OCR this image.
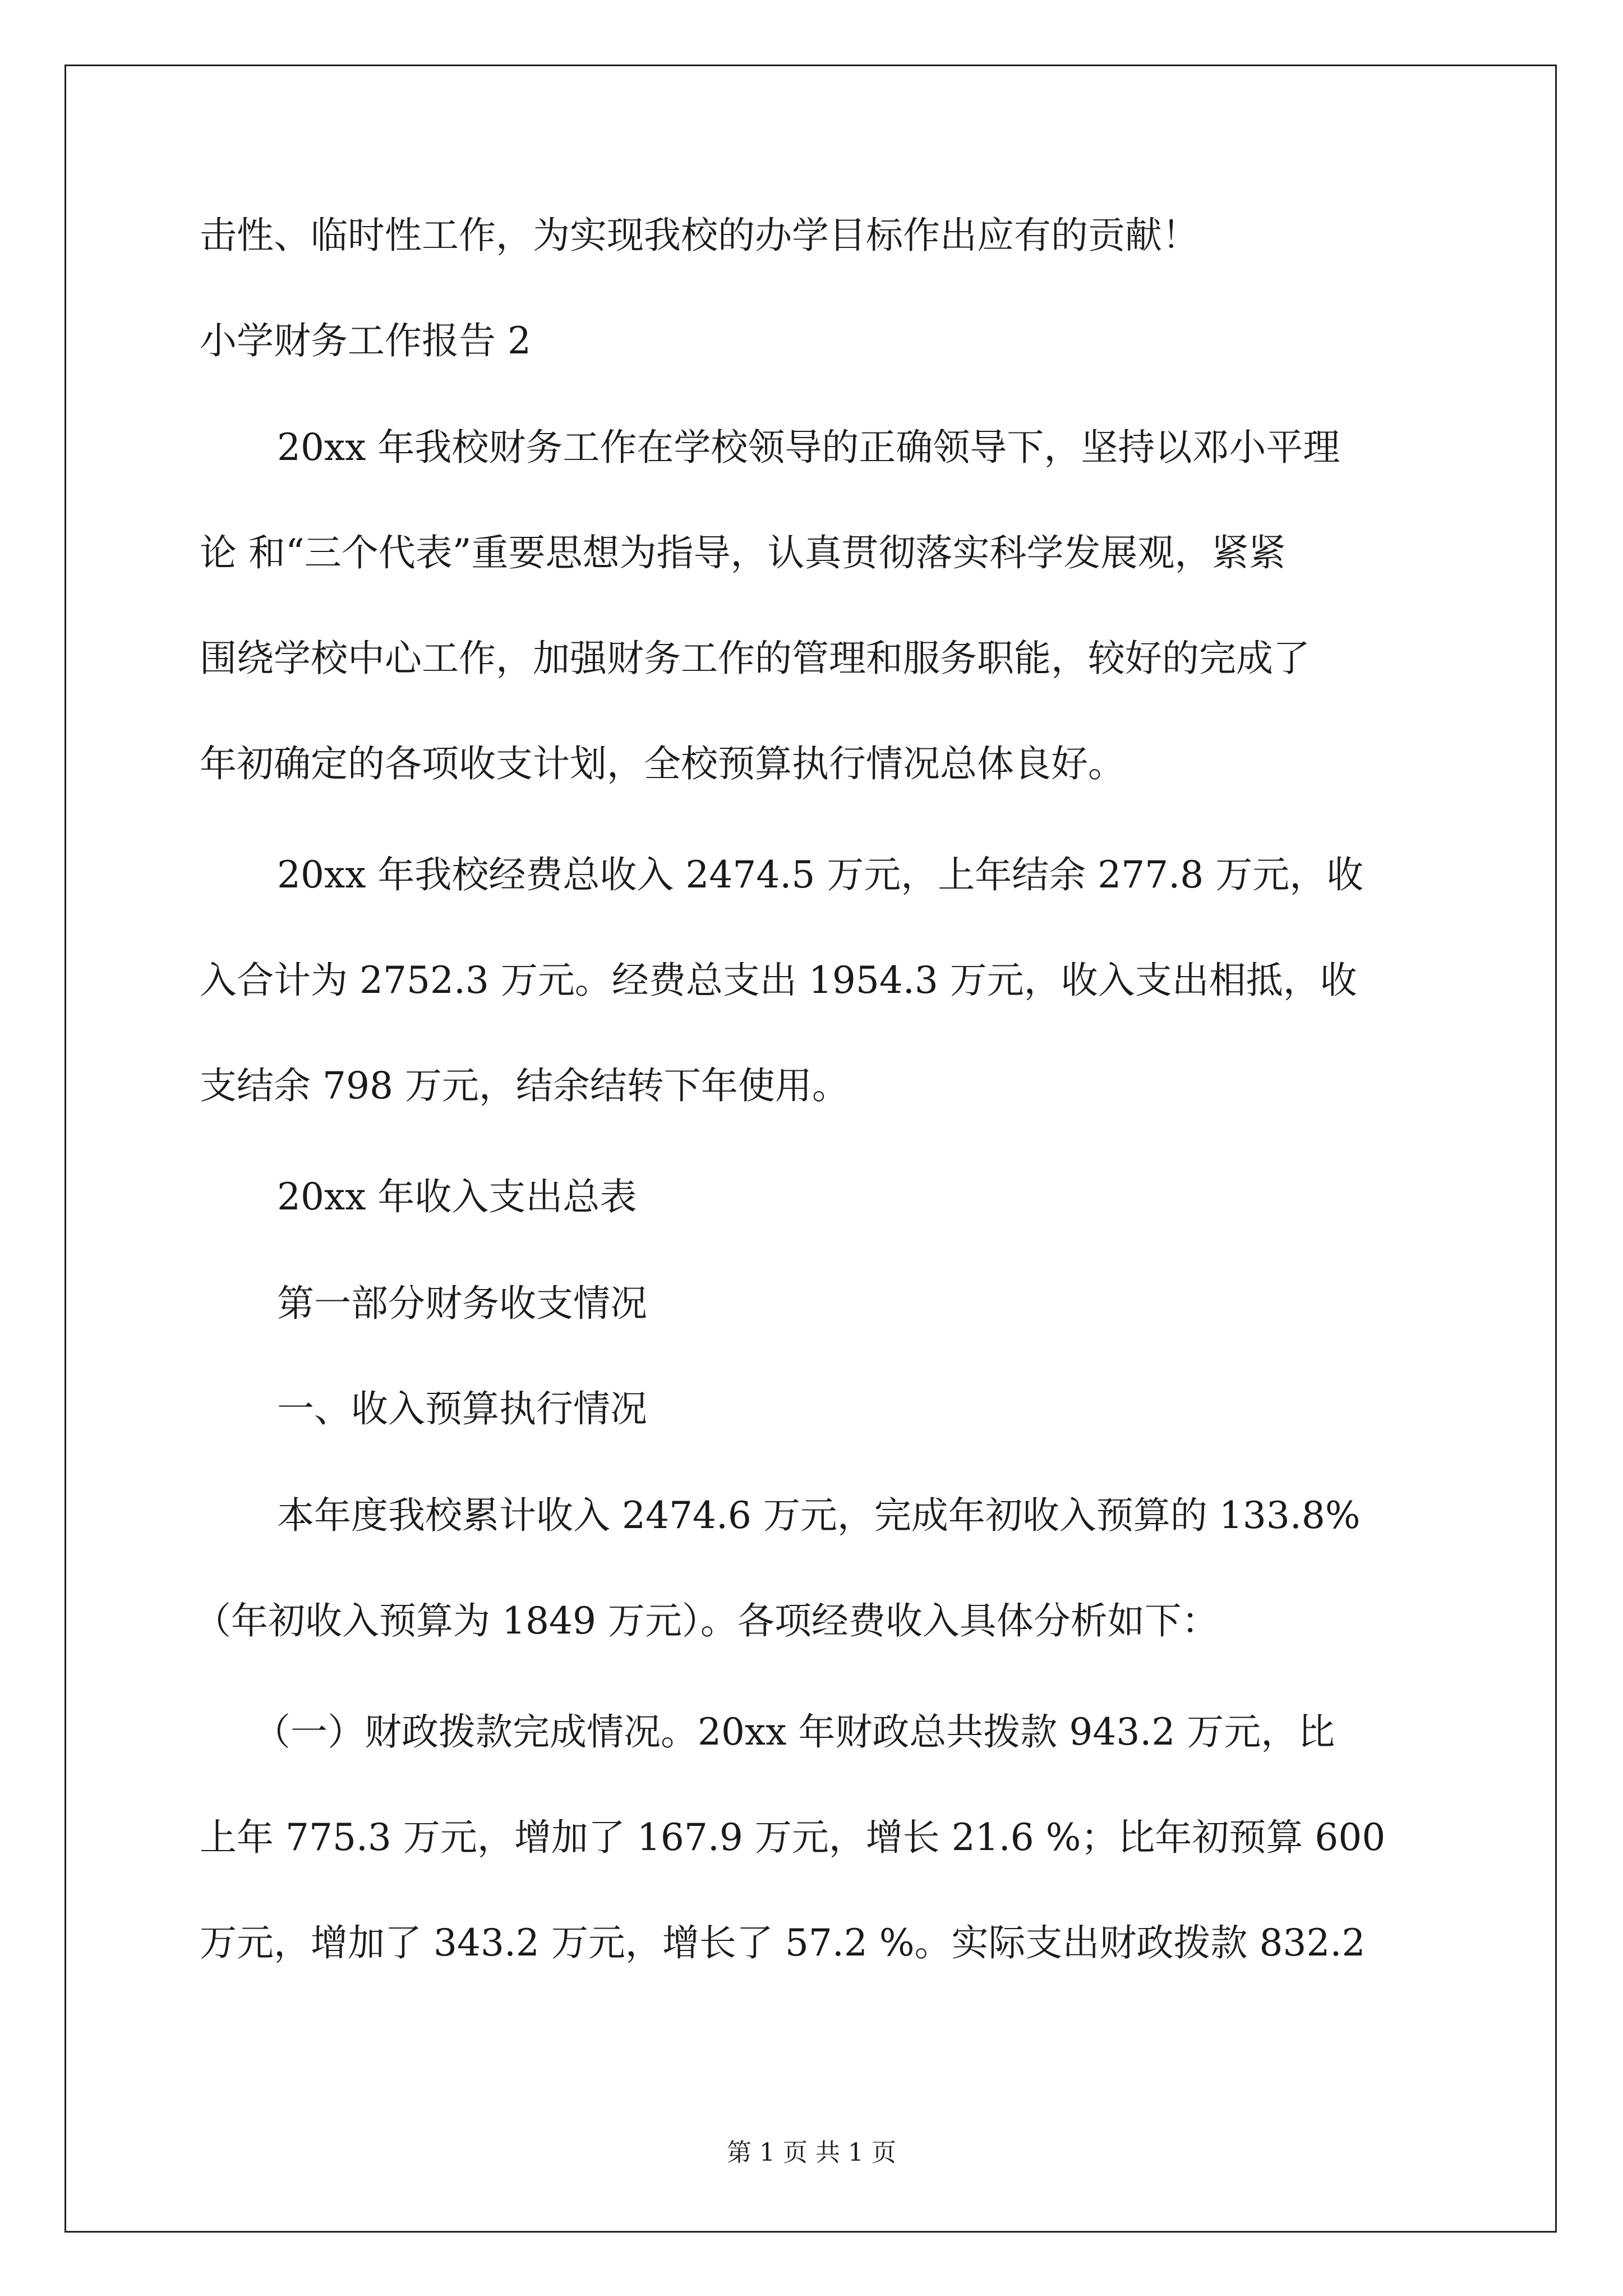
击性、临时性工作，为实现我校的办学目标作出应有的贡献！
小学财务工作报告 2
20xx 年我校财务工作在学校领导的正确领导下，坚持以邓小平理
论 和“三个代表”重要思想为指导，认真贯彻落实科学发展观，紧紧
围绕学校中心工作，加强财务工作的管理和服务职能，较好的完成了
年初确定的各项收支计划，全校预算执行情况总体良好。
20xx 年我校经费总收入 2474.5 万元，上年结余 277.8 万元，收
入合计为 2752.3 万元。经费总支出 1954.3 万元，收入支出相抵，收
支结余 798 万元，结余结转下年使用。
20xx 年收入支出总表
第一部分财务收支情况
一、收入预算执行情况
本年度我校累计收入 2474.6 万元，完成年初收入预算的 133.8%
（年初收入预算为 1849 万元）。各项经费收入具体分析如下：
（一）财政拨款完成情况。20xx 年财政总共拨款 943.2 万元，比
上年 775.3 万元，增加了 167.9 万元，增长 21.6 %；比年初预算 600
万元，增加了 343.2 万元，增长了 57.2 %。实际支出财政拨款 832.2
第 1 页 共 1 页
